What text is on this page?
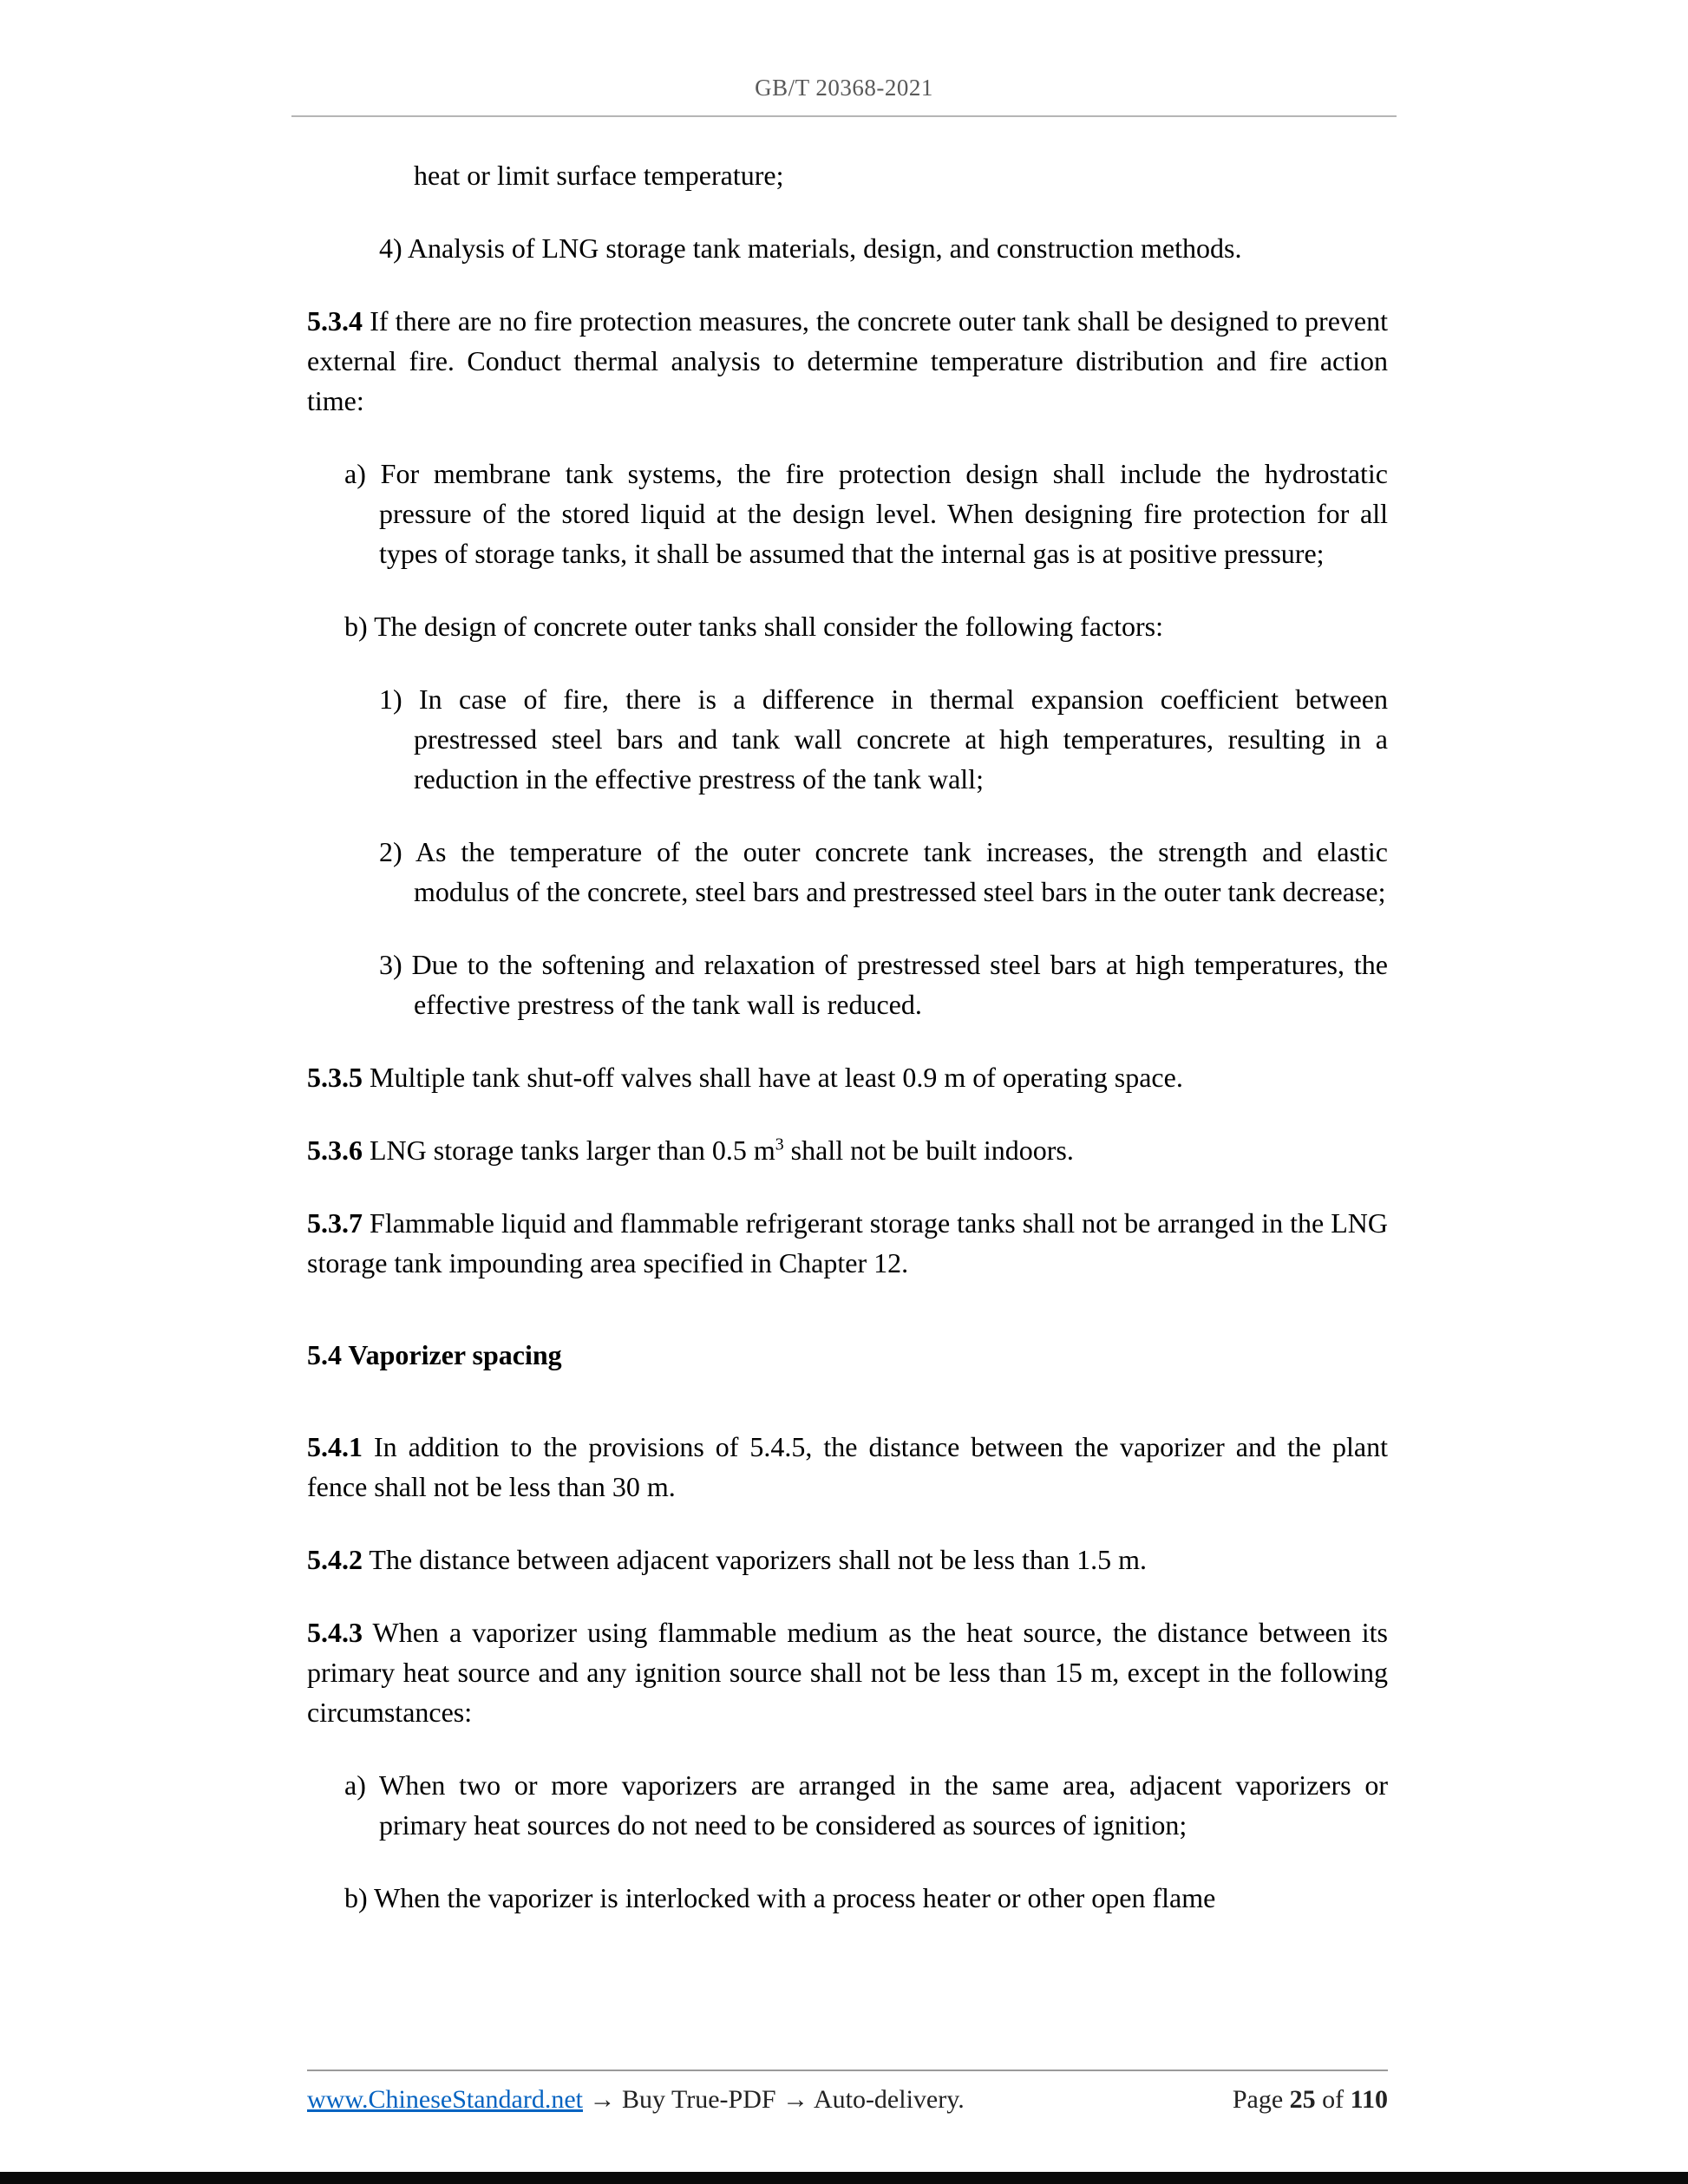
GB/T 20368-2021

heat or limit surface temperature;

4) Analysis of LNG storage tank materials, design, and construction methods.

5.3.4 If there are no fire protection measures, the concrete outer tank shall be designed to prevent external fire. Conduct thermal analysis to determine temperature distribution and fire action time:

a) For membrane tank systems, the fire protection design shall include the hydrostatic pressure of the stored liquid at the design level. When designing fire protection for all types of storage tanks, it shall be assumed that the internal gas is at positive pressure;

b) The design of concrete outer tanks shall consider the following factors:

1) In case of fire, there is a difference in thermal expansion coefficient between prestressed steel bars and tank wall concrete at high temperatures, resulting in a reduction in the effective prestress of the tank wall;

2) As the temperature of the outer concrete tank increases, the strength and elastic modulus of the concrete, steel bars and prestressed steel bars in the outer tank decrease;

3) Due to the softening and relaxation of prestressed steel bars at high temperatures, the effective prestress of the tank wall is reduced.

5.3.5 Multiple tank shut-off valves shall have at least 0.9 m of operating space.

5.3.6 LNG storage tanks larger than 0.5 $m^3$ shall not be built indoors.

5.3.7 Flammable liquid and flammable refrigerant storage tanks shall not be arranged in the LNG storage tank impounding area specified in Chapter 12.

5.4 Vaporizer spacing

5.4.1 In addition to the provisions of 5.4.5, the distance between the vaporizer and the plant fence shall not be less than 30 m.

5.4.2 The distance between adjacent vaporizers shall not be less than 1.5 m.

5.4.3 When a vaporizer using flammable medium as the heat source, the distance between its primary heat source and any ignition source shall not be less than 15 m, except in the following circumstances:

a) When two or more vaporizers are arranged in the same area, adjacent vaporizers or primary heat sources do not need to be considered as sources of ignition;

b) When the vaporizer is interlocked with a process heater or other open flame

www.ChineseStandard.net → Buy True-PDF → Auto-delivery.	Page 25 of 110
